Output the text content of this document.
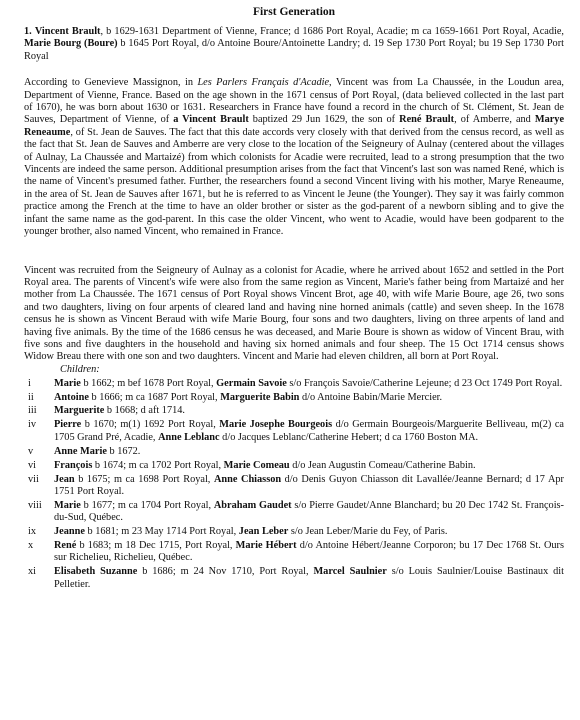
First Generation

1. Vincent Brault, b 1629-1631 Department of Vienne, France; d 1686 Port Royal, Acadie; m ca 1659-1661 Port Royal, Acadie, Marie Bourg (Boure) b 1645 Port Royal, d/o Antoine Boure/Antoinette Landry; d. 19 Sep 1730 Port Royal; bu 19 Sep 1730 Port Royal

According to Genevieve Massignon, in Les Parlers Français d'Acadie, Vincent was from La Chaussée, in the Loudun area, Department of Vienne, France. Based on the age shown in the 1671 census of Port Royal, (data believed collected in the last part of 1670), he was born about 1630 or 1631. Researchers in France have found a record in the church of St. Clément, St. Jean de Sauves, Department of Vienne, of a Vincent Brault baptized 29 Jun 1629, the son of René Brault, of Amberre, and Marye Reneaume, of St. Jean de Sauves. The fact that this date accords very closely with that derived from the census record, as well as the fact that St. Jean de Sauves and Amberre are very close to the location of the Seigneury of Aulnay (centered about the villages of Aulnay, La Chaussée and Martaizé) from which colonists for Acadie were recruited, lead to a strong presumption that the two Vincents are indeed the same person. Additional presumption arises from the fact that Vincent's last son was named René, which is the name of Vincent's presumed father. Further, the researchers found a second Vincent living with his mother, Marye Reneaume, in the area of St. Jean de Sauves after 1671, but he is referred to as Vincent le Jeune (the Younger). They say it was fairly common practice among the French at the time to have an older brother or sister as the god-parent of a newborn sibling and to give the infant the same name as the god-parent. In this case the older Vincent, who went to Acadie, would have been godparent to the younger brother, also named Vincent, who remained in France.

Vincent was recruited from the Seigneury of Aulnay as a colonist for Acadie, where he arrived about 1652 and settled in the Port Royal area. The parents of Vincent's wife were also from the same region as Vincent, Marie's father being from Martaizé and her mother from La Chaussée. The 1671 census of Port Royal shows Vincent Brot, age 40, with wife Marie Boure, age 26, two sons and two daughters, living on four arpents of cleared land and having nine horned animals (cattle) and seven sheep. In the 1678 census he is shown as Vincent Beraud with wife Marie Bourg, four sons and two daughters, living on three arpents of land and having five animals. By the time of the 1686 census he was deceased, and Marie Boure is shown as widow of Vincent Brau, with five sons and five daughters in the household and having six horned animals and four sheep. The 15 Oct 1714 census shows Widow Breau there with one son and two daughters. Vincent and Marie had eleven children, all born at Port Royal.

Children:
i	Marie b 1662; m bef 1678 Port Royal, Germain Savoie s/o François Savoie/Catherine Lejeune; d 23 Oct 1749 Port Royal.
ii	Antoine b 1666; m ca 1687 Port Royal, Marguerite Babin d/o Antoine Babin/Marie Mercier.
iii	Marguerite b 1668; d aft 1714.
iv	Pierre b 1670; m(1) 1692 Port Royal, Marie Josephe Bourgeois d/o Germain Bourgeois/Marguerite Belliveau, m(2) ca 1705 Grand Pré, Acadie, Anne Leblanc d/o Jacques Leblanc/Catherine Hebert; d ca 1760 Boston MA.
v	Anne Marie b 1672.
vi	François b 1674; m ca 1702 Port Royal, Marie Comeau d/o Jean Augustin Comeau/Catherine Babin.
vii	Jean b 1675; m ca 1698 Port Royal, Anne Chiasson d/o Denis Guyon Chiasson dit Lavallée/Jeanne Bernard; d 17 Apr 1751 Port Royal.
viii	Marie b 1677; m ca 1704 Port Royal, Abraham Gaudet s/o Pierre Gaudet/Anne Blanchard; bu 20 Dec 1742 St. François-du-Sud, Québec.
ix	Jeanne b 1681; m 23 May 1714 Port Royal, Jean Leber s/o Jean Leber/Marie du Fey, of Paris.
x	René b 1683; m 18 Dec 1715, Port Royal, Marie Hébert d/o Antoine Hébert/Jeanne Corporon; bu 17 Dec 1768 St. Ours sur Richelieu, Richelieu, Québec.
xi	Elisabeth Suzanne b 1686; m 24 Nov 1710, Port Royal, Marcel Saulnier s/o Louis Saulnier/Louise Bastinaux dit Pelletier.
